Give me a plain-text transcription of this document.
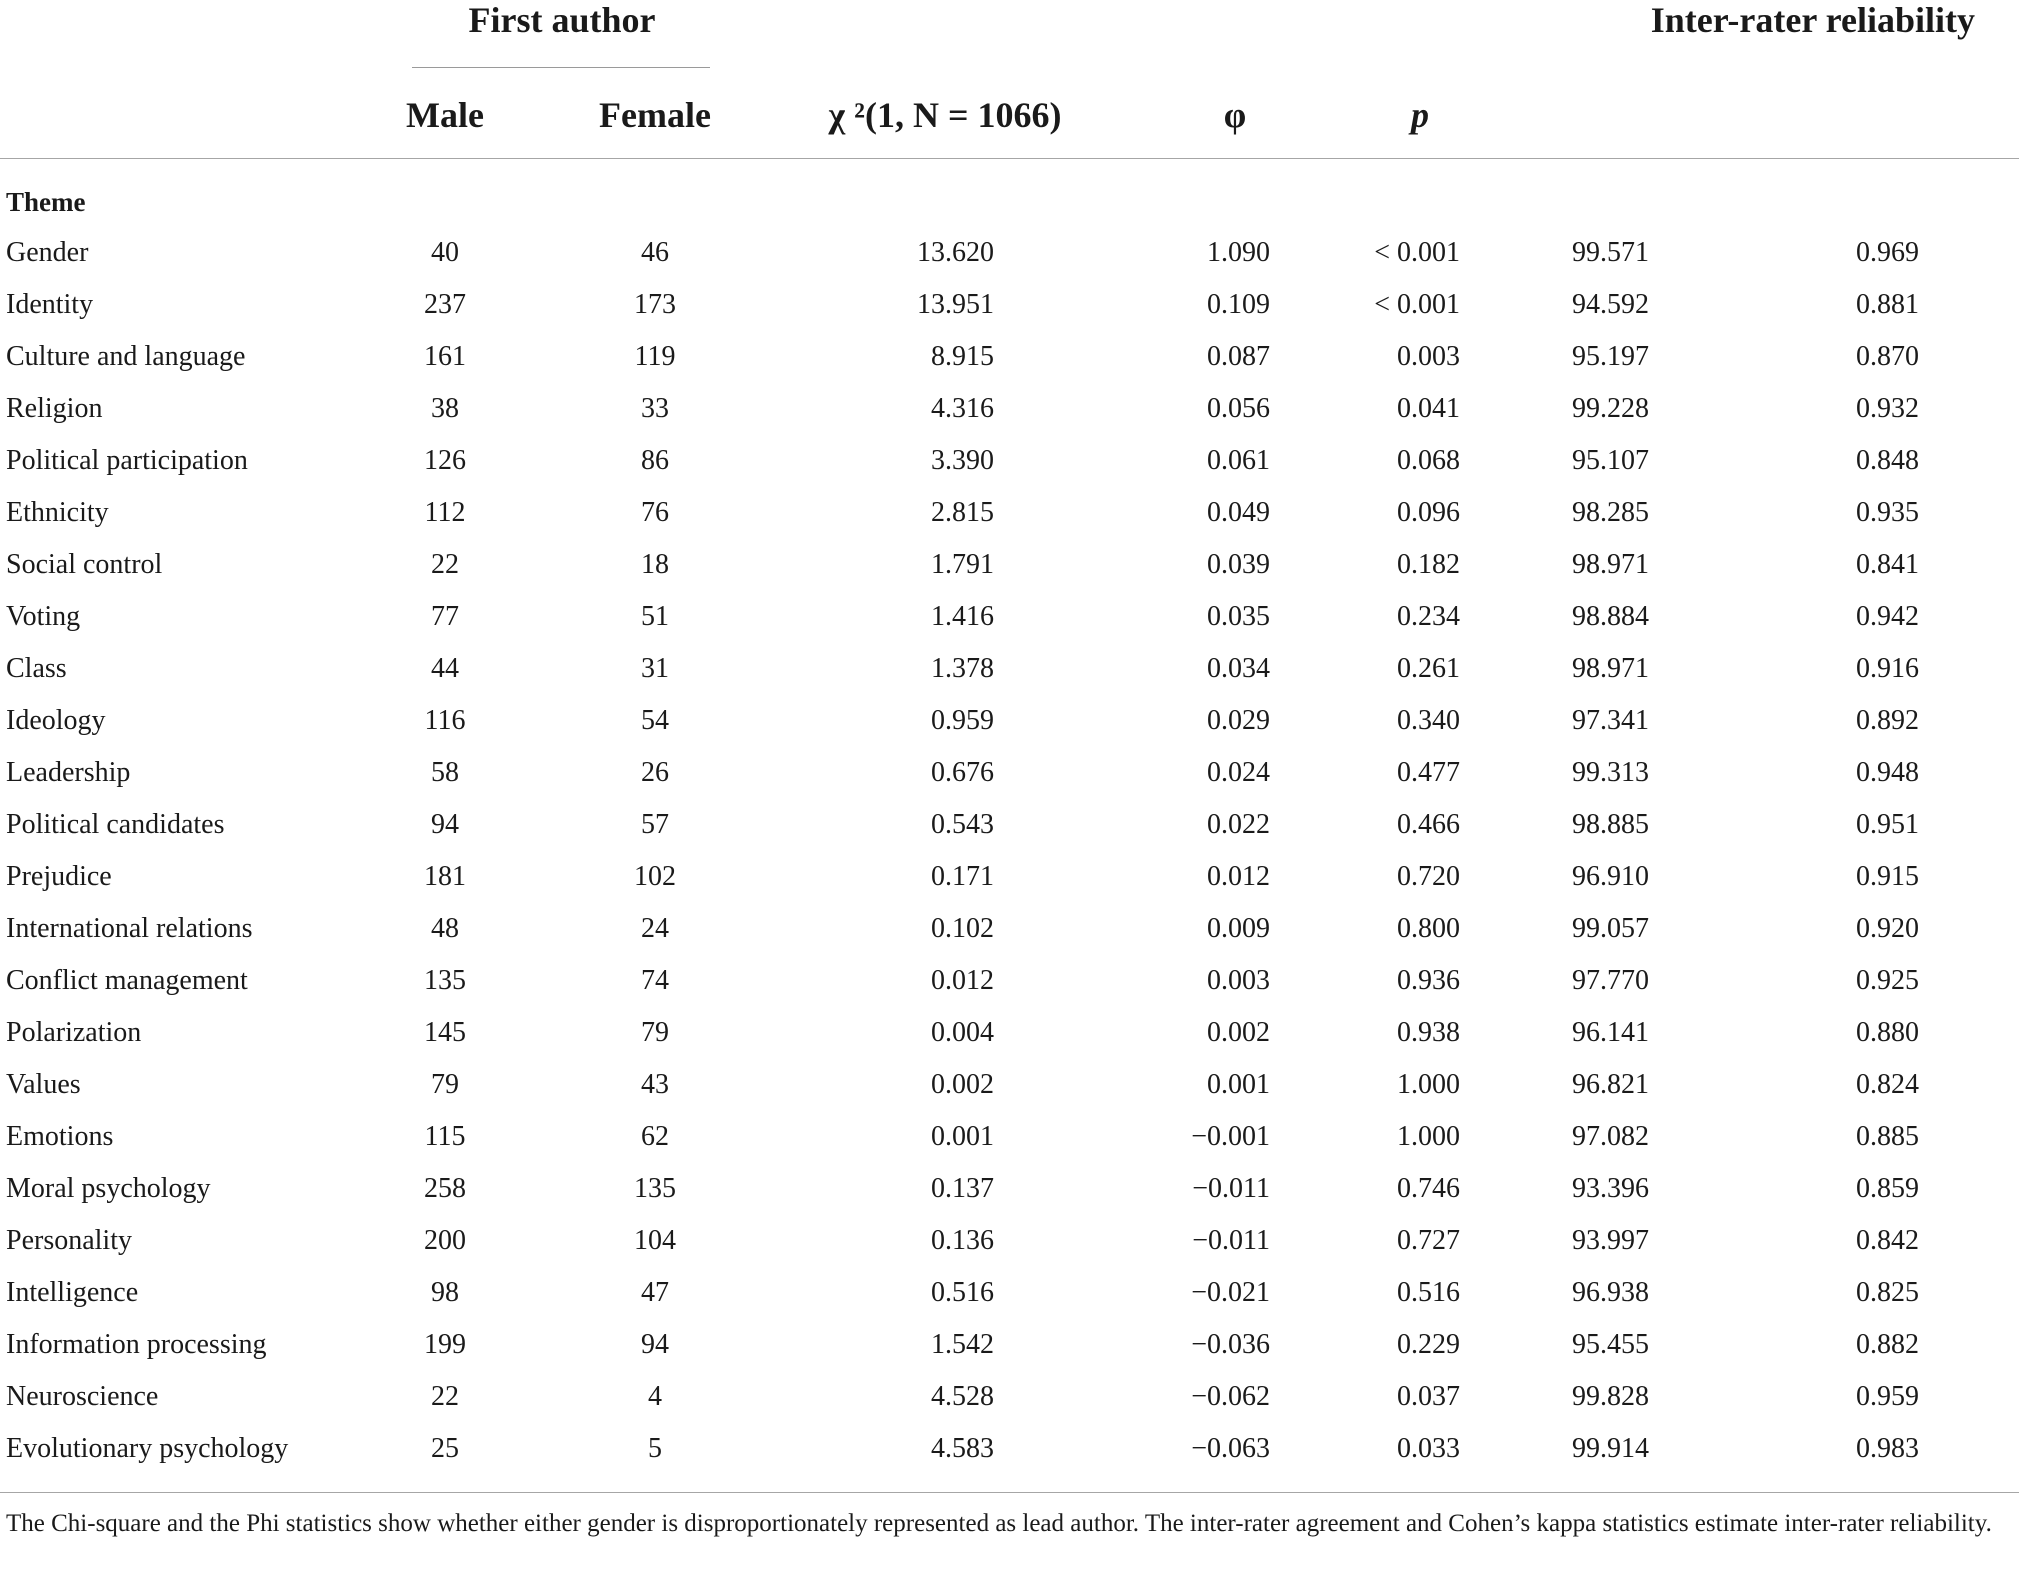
First author	Inter-rater reliability
Male	Female	χ ²(1, N = 1066)	φ	p
Theme
Gender	40	46	13.620	1.090	< 0.001	99.571	0.969
Identity	237	173	13.951	0.109	< 0.001	94.592	0.881
Culture and language	161	119	8.915	0.087	0.003	95.197	0.870
Religion	38	33	4.316	0.056	0.041	99.228	0.932
Political participation	126	86	3.390	0.061	0.068	95.107	0.848
Ethnicity	112	76	2.815	0.049	0.096	98.285	0.935
Social control	22	18	1.791	0.039	0.182	98.971	0.841
Voting	77	51	1.416	0.035	0.234	98.884	0.942
Class	44	31	1.378	0.034	0.261	98.971	0.916
Ideology	116	54	0.959	0.029	0.340	97.341	0.892
Leadership	58	26	0.676	0.024	0.477	99.313	0.948
Political candidates	94	57	0.543	0.022	0.466	98.885	0.951
Prejudice	181	102	0.171	0.012	0.720	96.910	0.915
International relations	48	24	0.102	0.009	0.800	99.057	0.920
Conflict management	135	74	0.012	0.003	0.936	97.770	0.925
Polarization	145	79	0.004	0.002	0.938	96.141	0.880
Values	79	43	0.002	0.001	1.000	96.821	0.824
Emotions	115	62	0.001	−0.001	1.000	97.082	0.885
Moral psychology	258	135	0.137	−0.011	0.746	93.396	0.859
Personality	200	104	0.136	−0.011	0.727	93.997	0.842
Intelligence	98	47	0.516	−0.021	0.516	96.938	0.825
Information processing	199	94	1.542	−0.036	0.229	95.455	0.882
Neuroscience	22	4	4.528	−0.062	0.037	99.828	0.959
Evolutionary psychology	25	5	4.583	−0.063	0.033	99.914	0.983
The Chi-square and the Phi statistics show whether either gender is disproportionately represented as lead author. The inter-rater agreement and Cohen’s kappa statistics estimate inter-rater reliability.
